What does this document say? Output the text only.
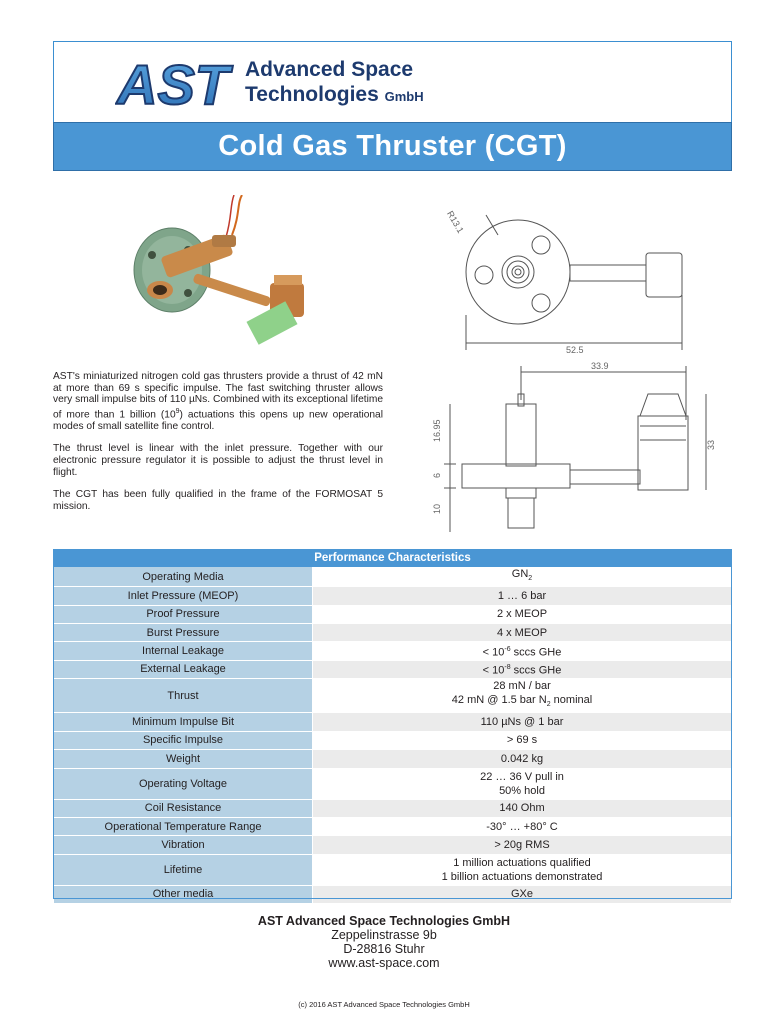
AST Advanced Space
Technologies GmbH
Cold Gas Thruster (CGT)
R13.1
52.5
16.95
6
10
33
33.9

AST's miniaturized nitrogen cold gas thrusters provide a thrust of 42 mN at more than 69 s specific impulse. The fast switching thruster allows very small impulse bits of 110 µNs. Combined with its exceptional lifetime of more than 1 billion $(10^9)$ actuations this opens up new operational modes of small satellite fine control.

The thrust level is linear with the inlet pressure. Together with our electronic pressure regulator it is possible to adjust the thrust level in flight.

The CGT has been fully qualified in the frame of the FORMOSAT 5 mission.

Performance Characteristics	
Operating Media	$GN_2$
Inlet Pressure (MEOP)	1 … 6 bar
Proof Pressure	2 x MEOP
Burst Pressure	4 x MEOP
Internal Leakage	< $10^{-6}$ sccs GHe
External Leakage	< $10^{-8}$ sccs GHe
Thrust	28 mN / bar
42 mN @ 1.5 bar $N_2$ nominal

Minimum Impulse Bit	110 µNs @ 1 bar
Specific Impulse	> 69 s
Weight	0.042 kg
Operating Voltage	22 … 36 V pull in
50% hold

Coil Resistance	140 Ohm
Operational Temperature Range	-30° … +80° C
Vibration	> 20g RMS
Lifetime	1 million actuations qualified
1 billion actuations demonstrated

Other media	GXe
AST Advanced Space Technologies GmbH
Zeppelinstrasse 9b
D-28816 Stuhr
www.ast-space.com
(c) 2016 AST Advanced Space Technologies GmbH
